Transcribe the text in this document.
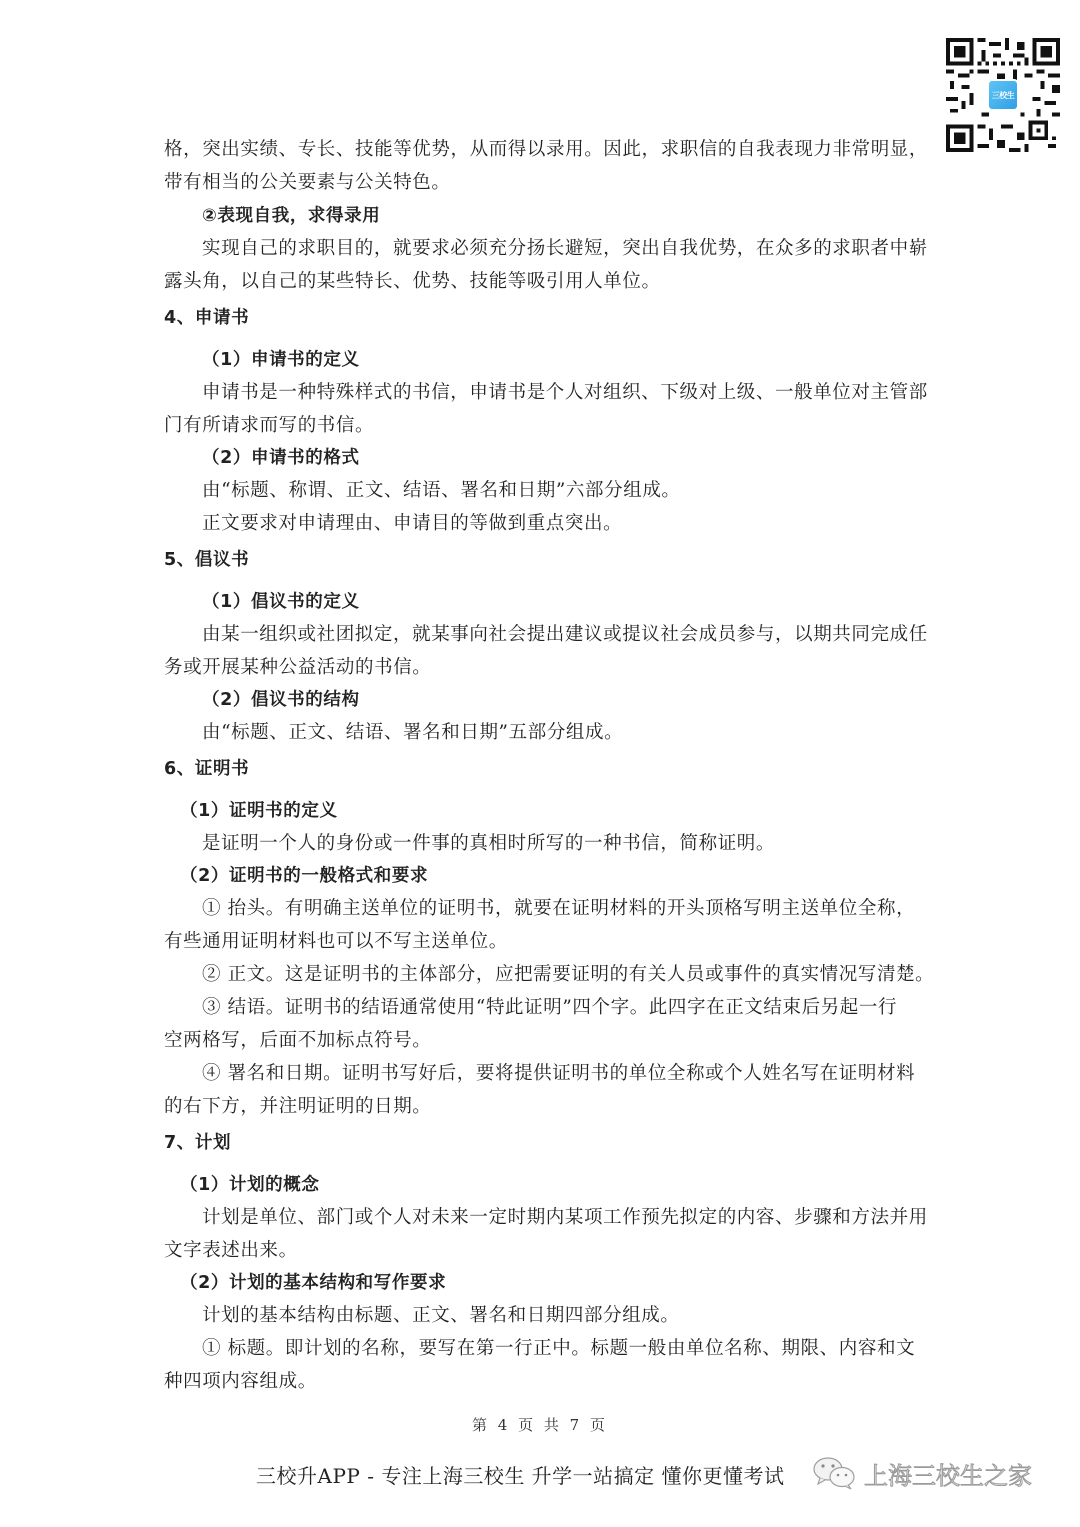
三校生
格，突出实绩、专长、技能等优势，从而得以录用。因此，求职信的自我表现力非常明显，
带有相当的公关要素与公关特色。
②表现自我，求得录用
实现自己的求职目的，就要求必须充分扬长避短，突出自我优势，在众多的求职者中崭
露头角，以自己的某些特长、优势、技能等吸引用人单位。
4、申请书
（1）申请书的定义
申请书是一种特殊样式的书信，申请书是个人对组织、下级对上级、一般单位对主管部
门有所请求而写的书信。
（2）申请书的格式
由“标题、称谓、正文、结语、署名和日期”六部分组成。
正文要求对申请理由、申请目的等做到重点突出。
5、倡议书
（1）倡议书的定义
由某一组织或社团拟定，就某事向社会提出建议或提议社会成员参与，以期共同完成任
务或开展某种公益活动的书信。
（2）倡议书的结构
由“标题、正文、结语、署名和日期”五部分组成。
6、证明书
（1）证明书的定义
是证明一个人的身份或一件事的真相时所写的一种书信，简称证明。
（2）证明书的一般格式和要求
① 抬头。有明确主送单位的证明书，就要在证明材料的开头顶格写明主送单位全称，
有些通用证明材料也可以不写主送单位。
② 正文。这是证明书的主体部分，应把需要证明的有关人员或事件的真实情况写清楚。
③ 结语。证明书的结语通常使用“特此证明”四个字。此四字在正文结束后另起一行
空两格写，后面不加标点符号。
④ 署名和日期。证明书写好后，要将提供证明书的单位全称或个人姓名写在证明材料
的右下方，并注明证明的日期。
7、计划
（1）计划的概念
计划是单位、部门或个人对未来一定时期内某项工作预先拟定的内容、步骤和方法并用
文字表述出来。
（2）计划的基本结构和写作要求
计划的基本结构由标题、正文、署名和日期四部分组成。
① 标题。即计划的名称，要写在第一行正中。标题一般由单位名称、期限、内容和文
种四项内容组成。
第 4 页 共 7 页
三校升APP - 专注上海三校生 升学一站搞定 懂你更懂考试	上海三校生之家
